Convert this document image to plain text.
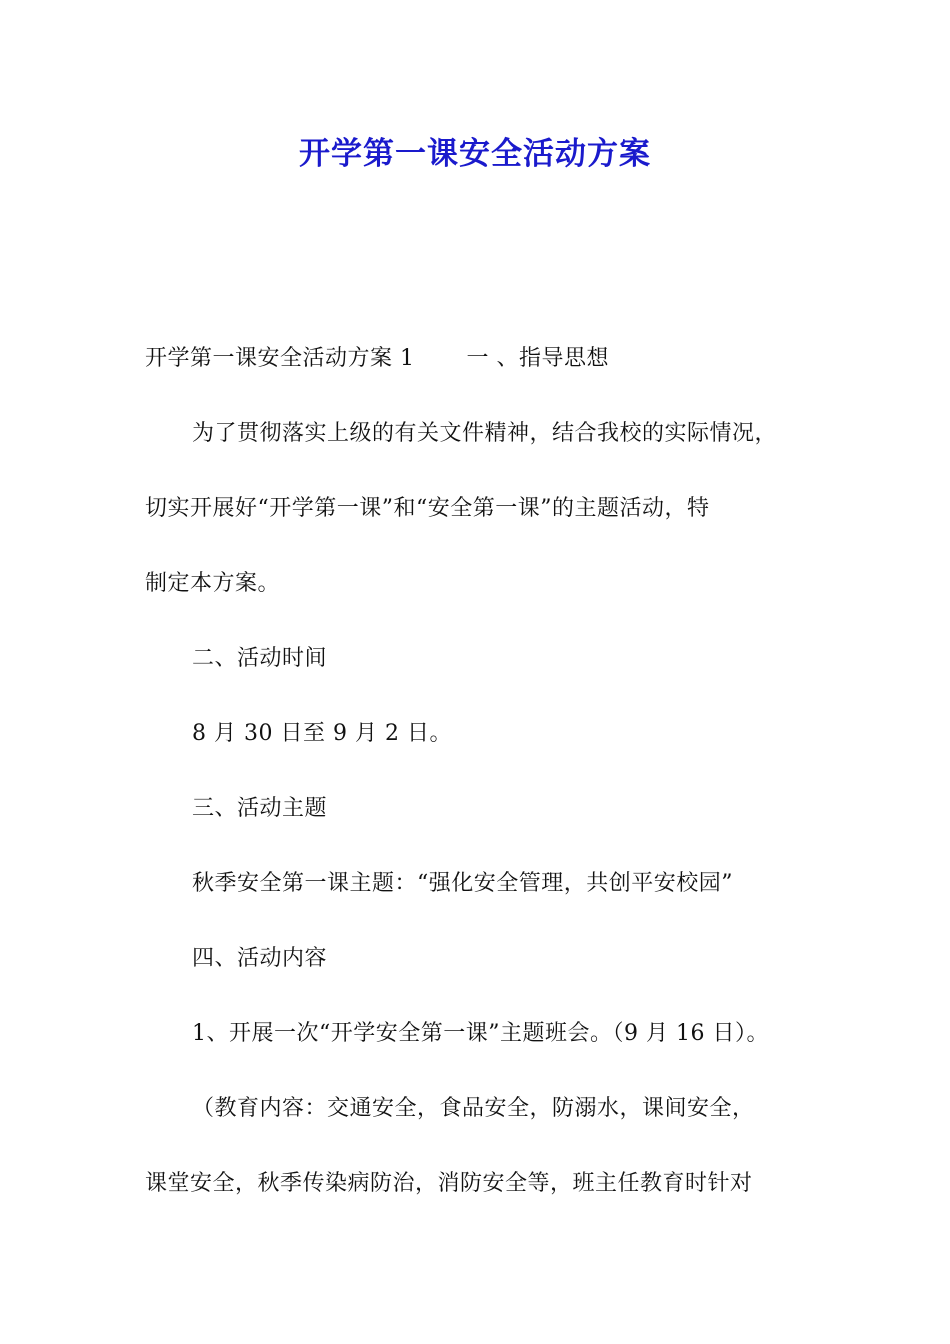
开学第一课安全活动方案
开学第一课安全活动方案 1 一 、指导思想
为了贯彻落实上级的有关文件精神，结合我校的实际情况，
切实开展好“开学第一课”和“安全第一课”的主题活动，特
制定本方案。
二、活动时间
8 月 30 日至 9 月 2 日。
三、活动主题
秋季安全第一课主题：“强化安全管理，共创平安校园”
四、活动内容
1、开展一次“开学安全第一课”主题班会。（9 月 16 日）。
（教育内容：交通安全，食品安全，防溺水，课间安全，
课堂安全，秋季传染病防治，消防安全等，班主任教育时针对
